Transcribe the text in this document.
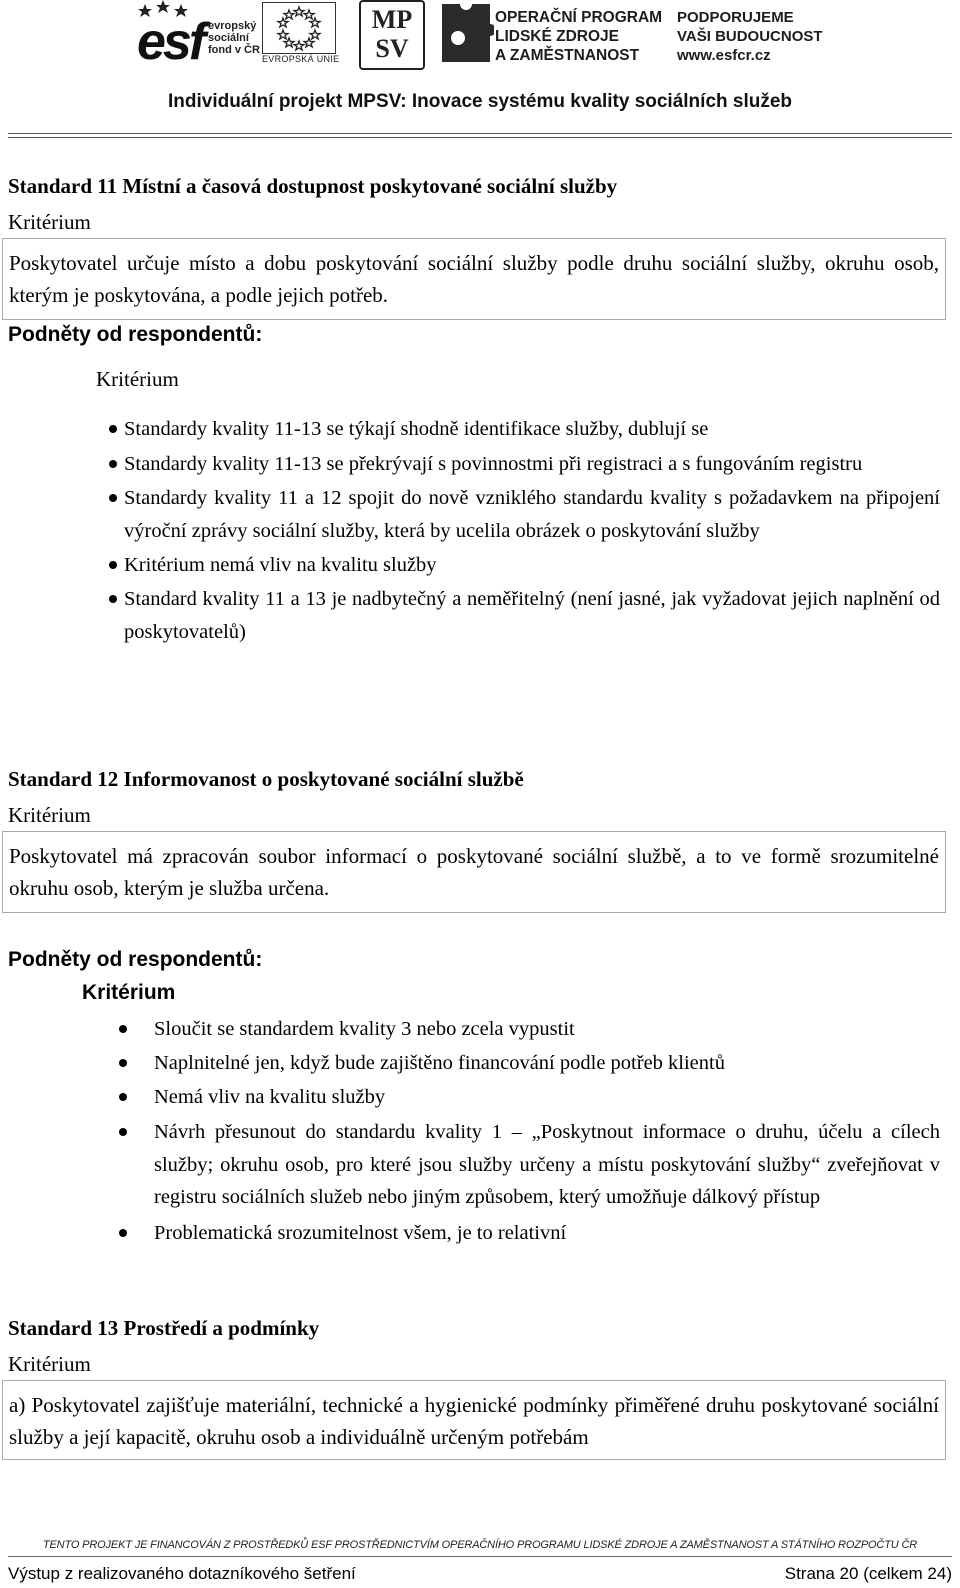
esf evropský
sociální
fond v ČR
EVROPSKÁ UNIE
MP
SV
OPERAČNÍ PROGRAM
LIDSKÉ ZDROJE
A ZAMĚSTNANOST
PODPORUJEME
VAŠI BUDOUCNOST
www.esfcr.cz
Individuální projekt MPSV: Inovace systému kvality sociálních služeb
Standard 11 Místní a časová dostupnost poskytované sociální služby
Kritérium
Poskytovatel určuje místo a dobu poskytování sociální služby podle druhu sociální služby, okruhu osob, kterým je poskytována, a podle jejich potřeb.
Podněty od respondentů:
Kritérium
Standardy kvality 11-13 se týkají shodně identifikace služby, dublují se
Standardy kvality 11-13 se překrývají s povinnostmi při registraci a s fungováním registru
Standardy kvality 11 a 12 spojit do nově vzniklého standardu kvality s požadavkem na připojení výroční zprávy sociální služby, která by ucelila obrázek o poskytování služby
Kritérium nemá vliv na kvalitu služby
Standard kvality 11 a 13 je nadbytečný a neměřitelný (není jasné, jak vyžadovat jejich naplnění od poskytovatelů)
Standard 12 Informovanost o poskytované sociální službě
Kritérium
Poskytovatel má zpracován soubor informací o poskytované sociální službě, a to ve formě srozumitelné okruhu osob, kterým je služba určena.
Podněty od respondentů:
Kritérium
Sloučit se standardem kvality 3 nebo zcela vypustit
Naplnitelné jen, když bude zajištěno financování podle potřeb klientů
Nemá vliv na kvalitu služby
Návrh přesunout do standardu kvality 1 – „Poskytnout informace o druhu, účelu a cílech služby; okruhu osob, pro které jsou služby určeny a místu poskytování služby“ zveřejňovat v registru sociálních služeb nebo jiným způsobem, který umožňuje dálkový přístup
Problematická srozumitelnost všem, je to relativní
Standard 13 Prostředí a podmínky
Kritérium
a) Poskytovatel zajišťuje materiální, technické a hygienické podmínky přiměřené druhu poskytované sociální služby a její kapacitě, okruhu osob a individuálně určeným potřebám
TENTO PROJEKT JE FINANCOVÁN Z PROSTŘEDKŮ ESF PROSTŘEDNICTVÍM OPERAČNÍHO PROGRAMU LIDSKÉ ZDROJE A ZAMĚSTNANOST A STÁTNÍHO ROZPOČTU ČR
Výstup z realizovaného dotazníkového šetření	Strana 20 (celkem 24)
